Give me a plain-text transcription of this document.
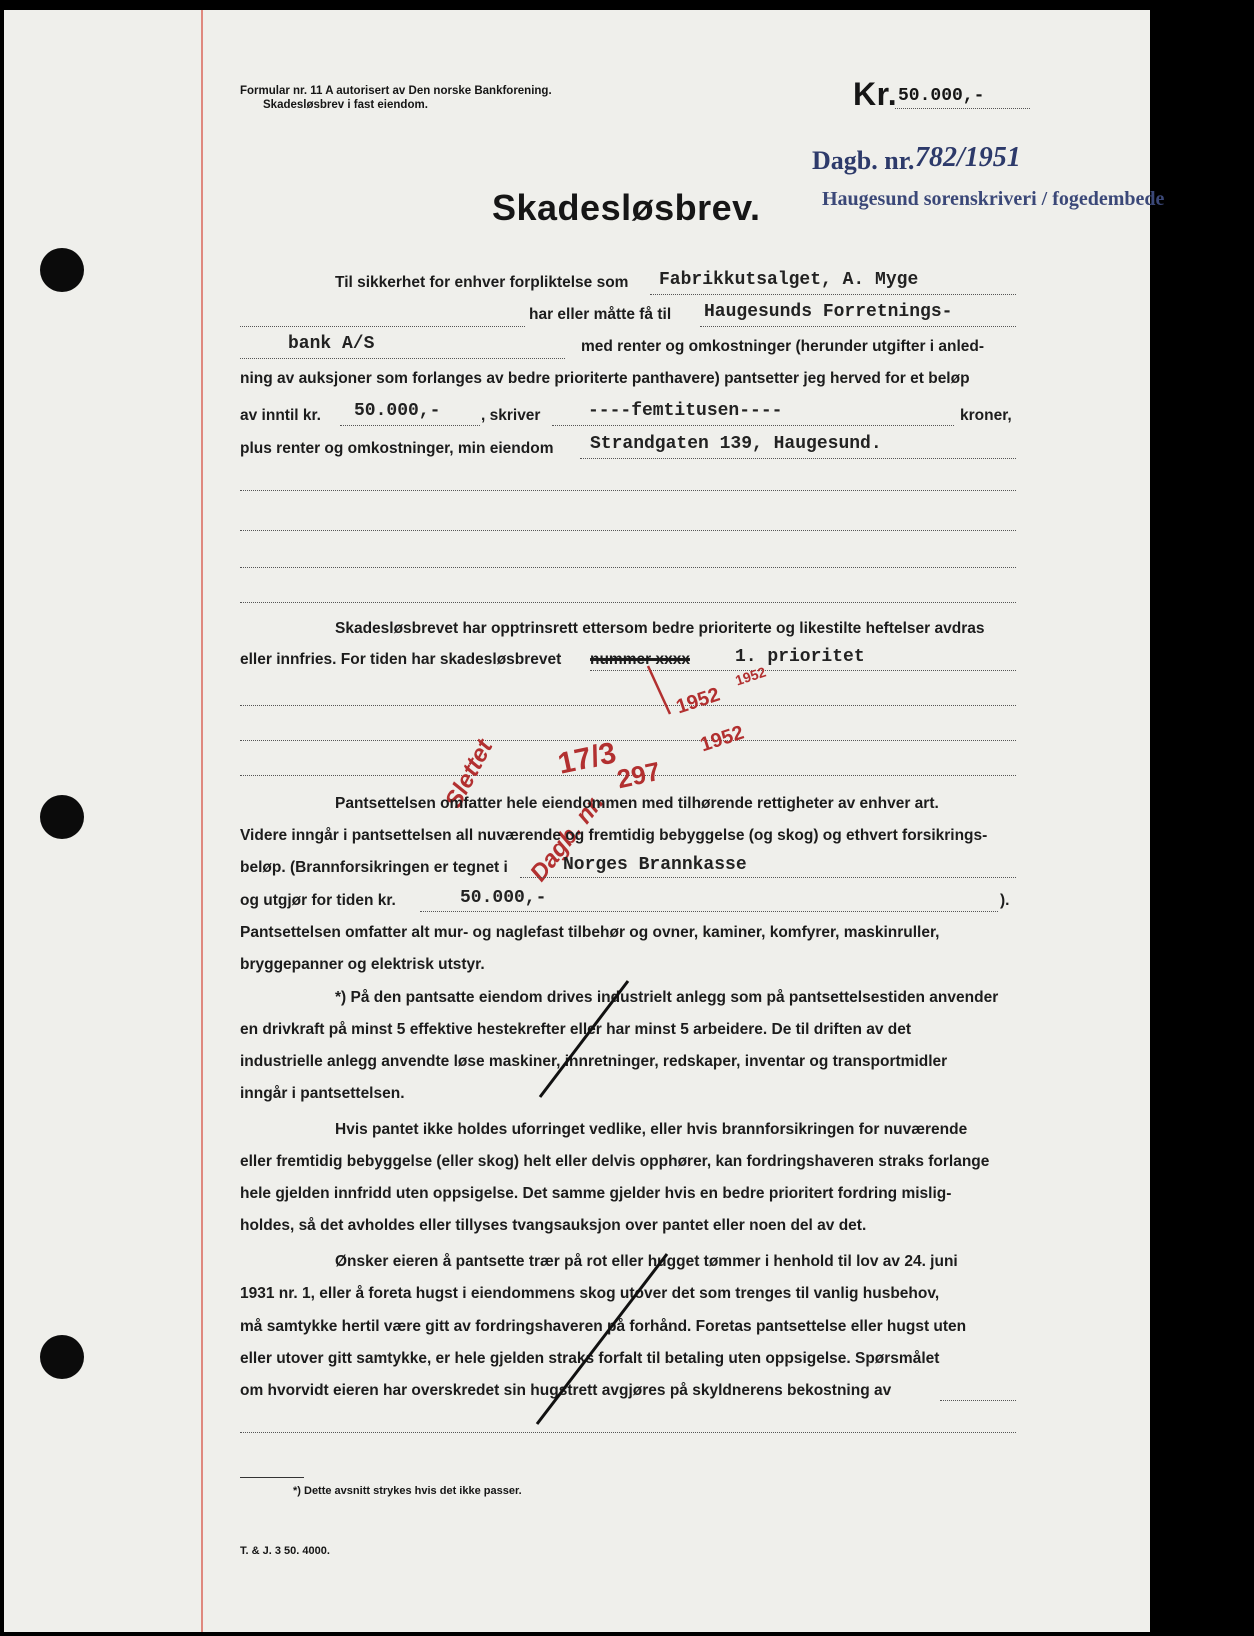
Formular nr. 11 A autorisert av Den norske Bankforening.
Skadesløsbrev i fast eiendom.	Kr. 50.000,-
Dagb. nr. 782/1951
Haugesund sorenskriveri / fogedembede
Skadesløsbrev.
Til sikkerhet for enhver forpliktelse som Fabrikkutsalget, A. Myge
har eller måtte få til Haugesunds Forretnings-
bank A/S	med renter og omkostninger (herunder utgifter i anled-
ning av auksjoner som forlanges av bedre prioriterte panthavere) pantsetter jeg herved for et beløp
av inntil kr. 50.000,-	, skriver	----femtitusen----	kroner,
plus renter og omkostninger, min eiendom Strandgaten 139, Haugesund.
Skadesløsbrevet har opptrinsrett ettersom bedre prioriterte og likestilte heftelser avdras
eller innfries. For tiden har skadesløsbrevet nummer xxxx	1. prioritet
Slettet
Dagb. nr.
17/3
1952
297
1952
1952
Pantsettelsen omfatter hele eiendommen med tilhørende rettigheter av enhver art.
Videre inngår i pantsettelsen all nuværende og fremtidig bebyggelse (og skog) og ethvert forsikrings-
beløp. (Brannforsikringen er tegnet i	Norges Brannkasse
og utgjør for tiden kr.	50.000,-	).
Pantsettelsen omfatter alt mur- og naglefast tilbehør og ovner, kaminer, komfyrer, maskinruller,
bryggepanner og elektrisk utstyr.
*) På den pantsatte eiendom drives industrielt anlegg som på pantsettelsestiden anvender
en drivkraft på minst 5 effektive hestekrefter eller har minst 5 arbeidere. De til driften av det
industrielle anlegg anvendte løse maskiner, innretninger, redskaper, inventar og transportmidler
inngår i pantsettelsen.
Hvis pantet ikke holdes uforringet vedlike, eller hvis brannforsikringen for nuværende
eller fremtidig bebyggelse (eller skog) helt eller delvis opphører, kan fordringshaveren straks forlange
hele gjelden innfridd uten oppsigelse. Det samme gjelder hvis en bedre prioritert fordring mislig-
holdes, så det avholdes eller tillyses tvangsauksjon over pantet eller noen del av det.
Ønsker eieren å pantsette trær på rot eller hugget tømmer i henhold til lov av 24. juni
1931 nr. 1, eller å foreta hugst i eiendommens skog utover det som trenges til vanlig husbehov,
må samtykke hertil være gitt av fordringshaveren på forhånd. Foretas pantsettelse eller hugst uten
eller utover gitt samtykke, er hele gjelden straks forfalt til betaling uten oppsigelse. Spørsmålet
om hvorvidt eieren har overskredet sin hugstrett avgjøres på skyldnerens bekostning av
*) Dette avsnitt strykes hvis det ikke passer.
T. & J. 3 50. 4000.
